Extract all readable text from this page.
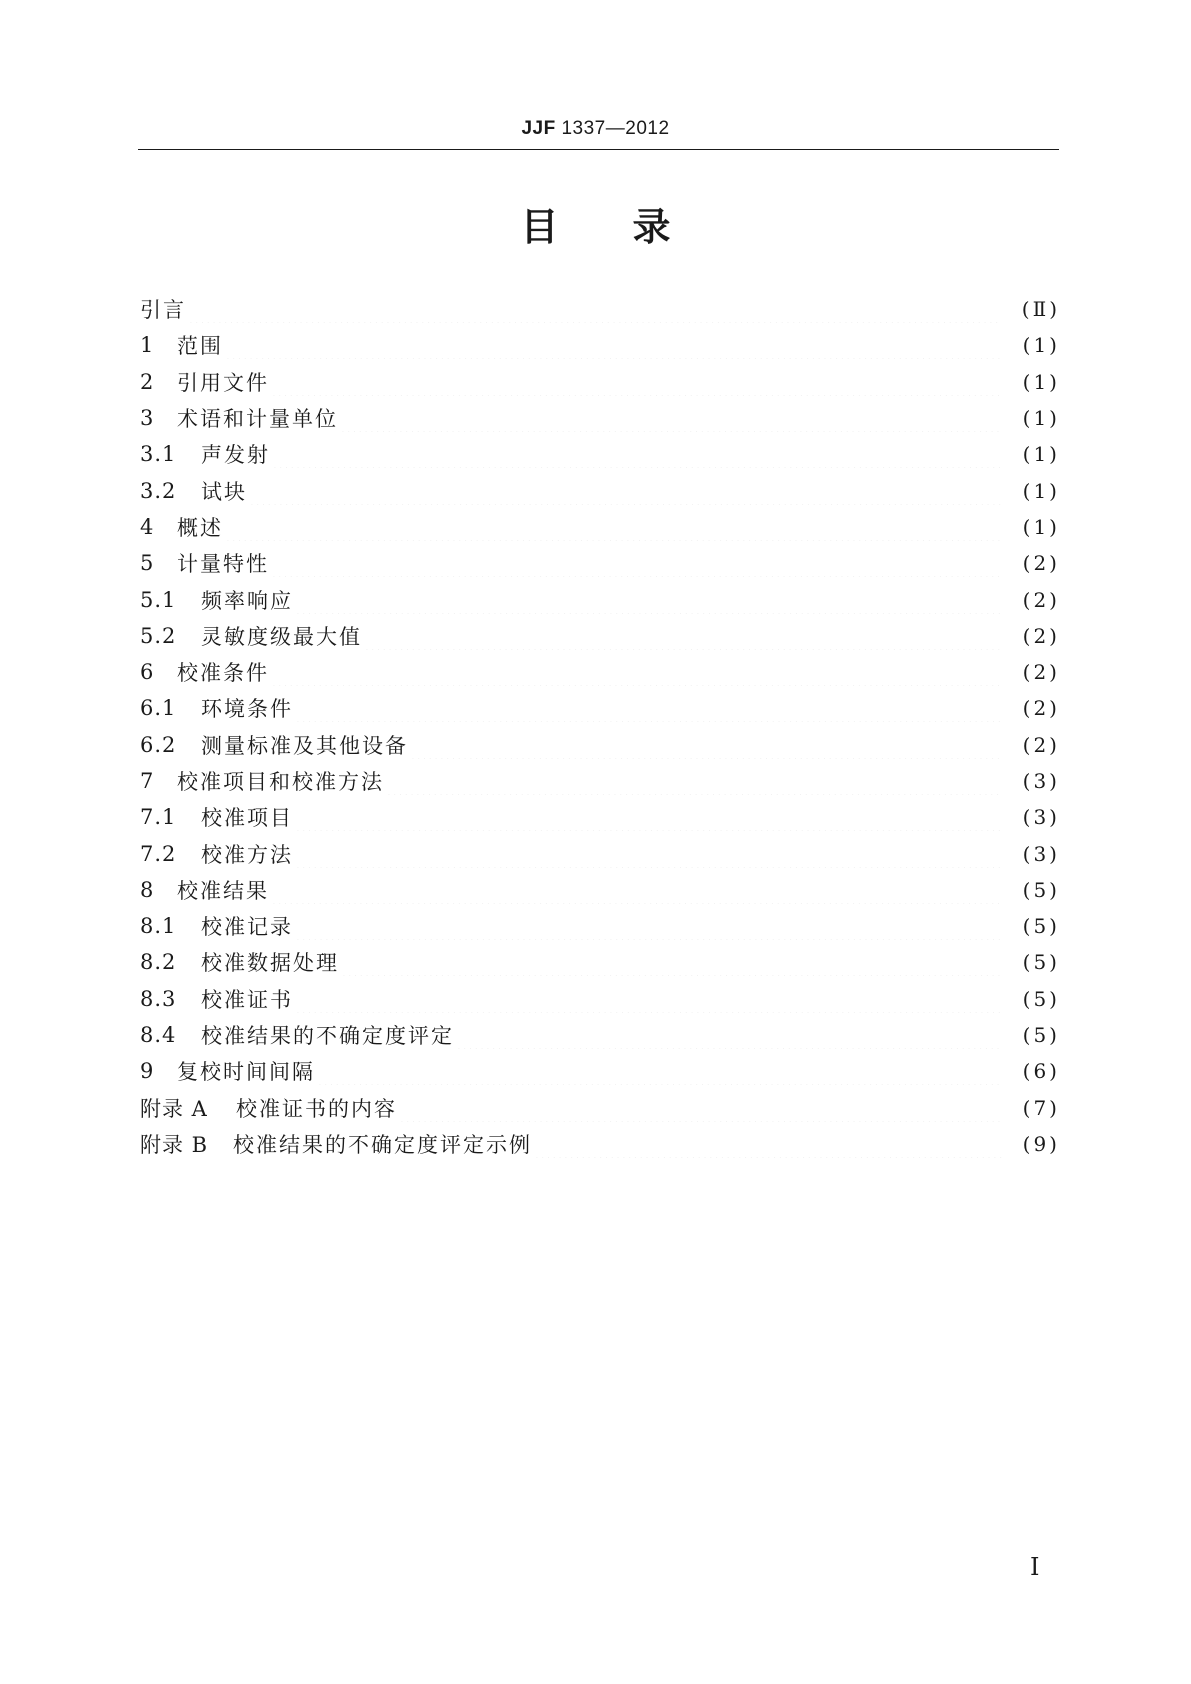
JJF 1337—2012
目 录
引言	(Ⅱ)
1	范围	(1)
2	引用文件	(1)
3	术语和计量单位	(1)
3.1	声发射	(1)
3.2	试块	(1)
4	概述	(1)
5	计量特性	(2)
5.1	频率响应	(2)
5.2	灵敏度级最大值	(2)
6	校准条件	(2)
6.1	环境条件	(2)
6.2	测量标准及其他设备	(2)
7	校准项目和校准方法	(3)
7.1	校准项目	(3)
7.2	校准方法	(3)
8	校准结果	(5)
8.1	校准记录	(5)
8.2	校准数据处理	(5)
8.3	校准证书	(5)
8.4	校准结果的不确定度评定	(5)
9	复校时间间隔	(6)
附录 A	校准证书的内容	(7)
附录 B	校准结果的不确定度评定示例	(9)
Ⅰ
